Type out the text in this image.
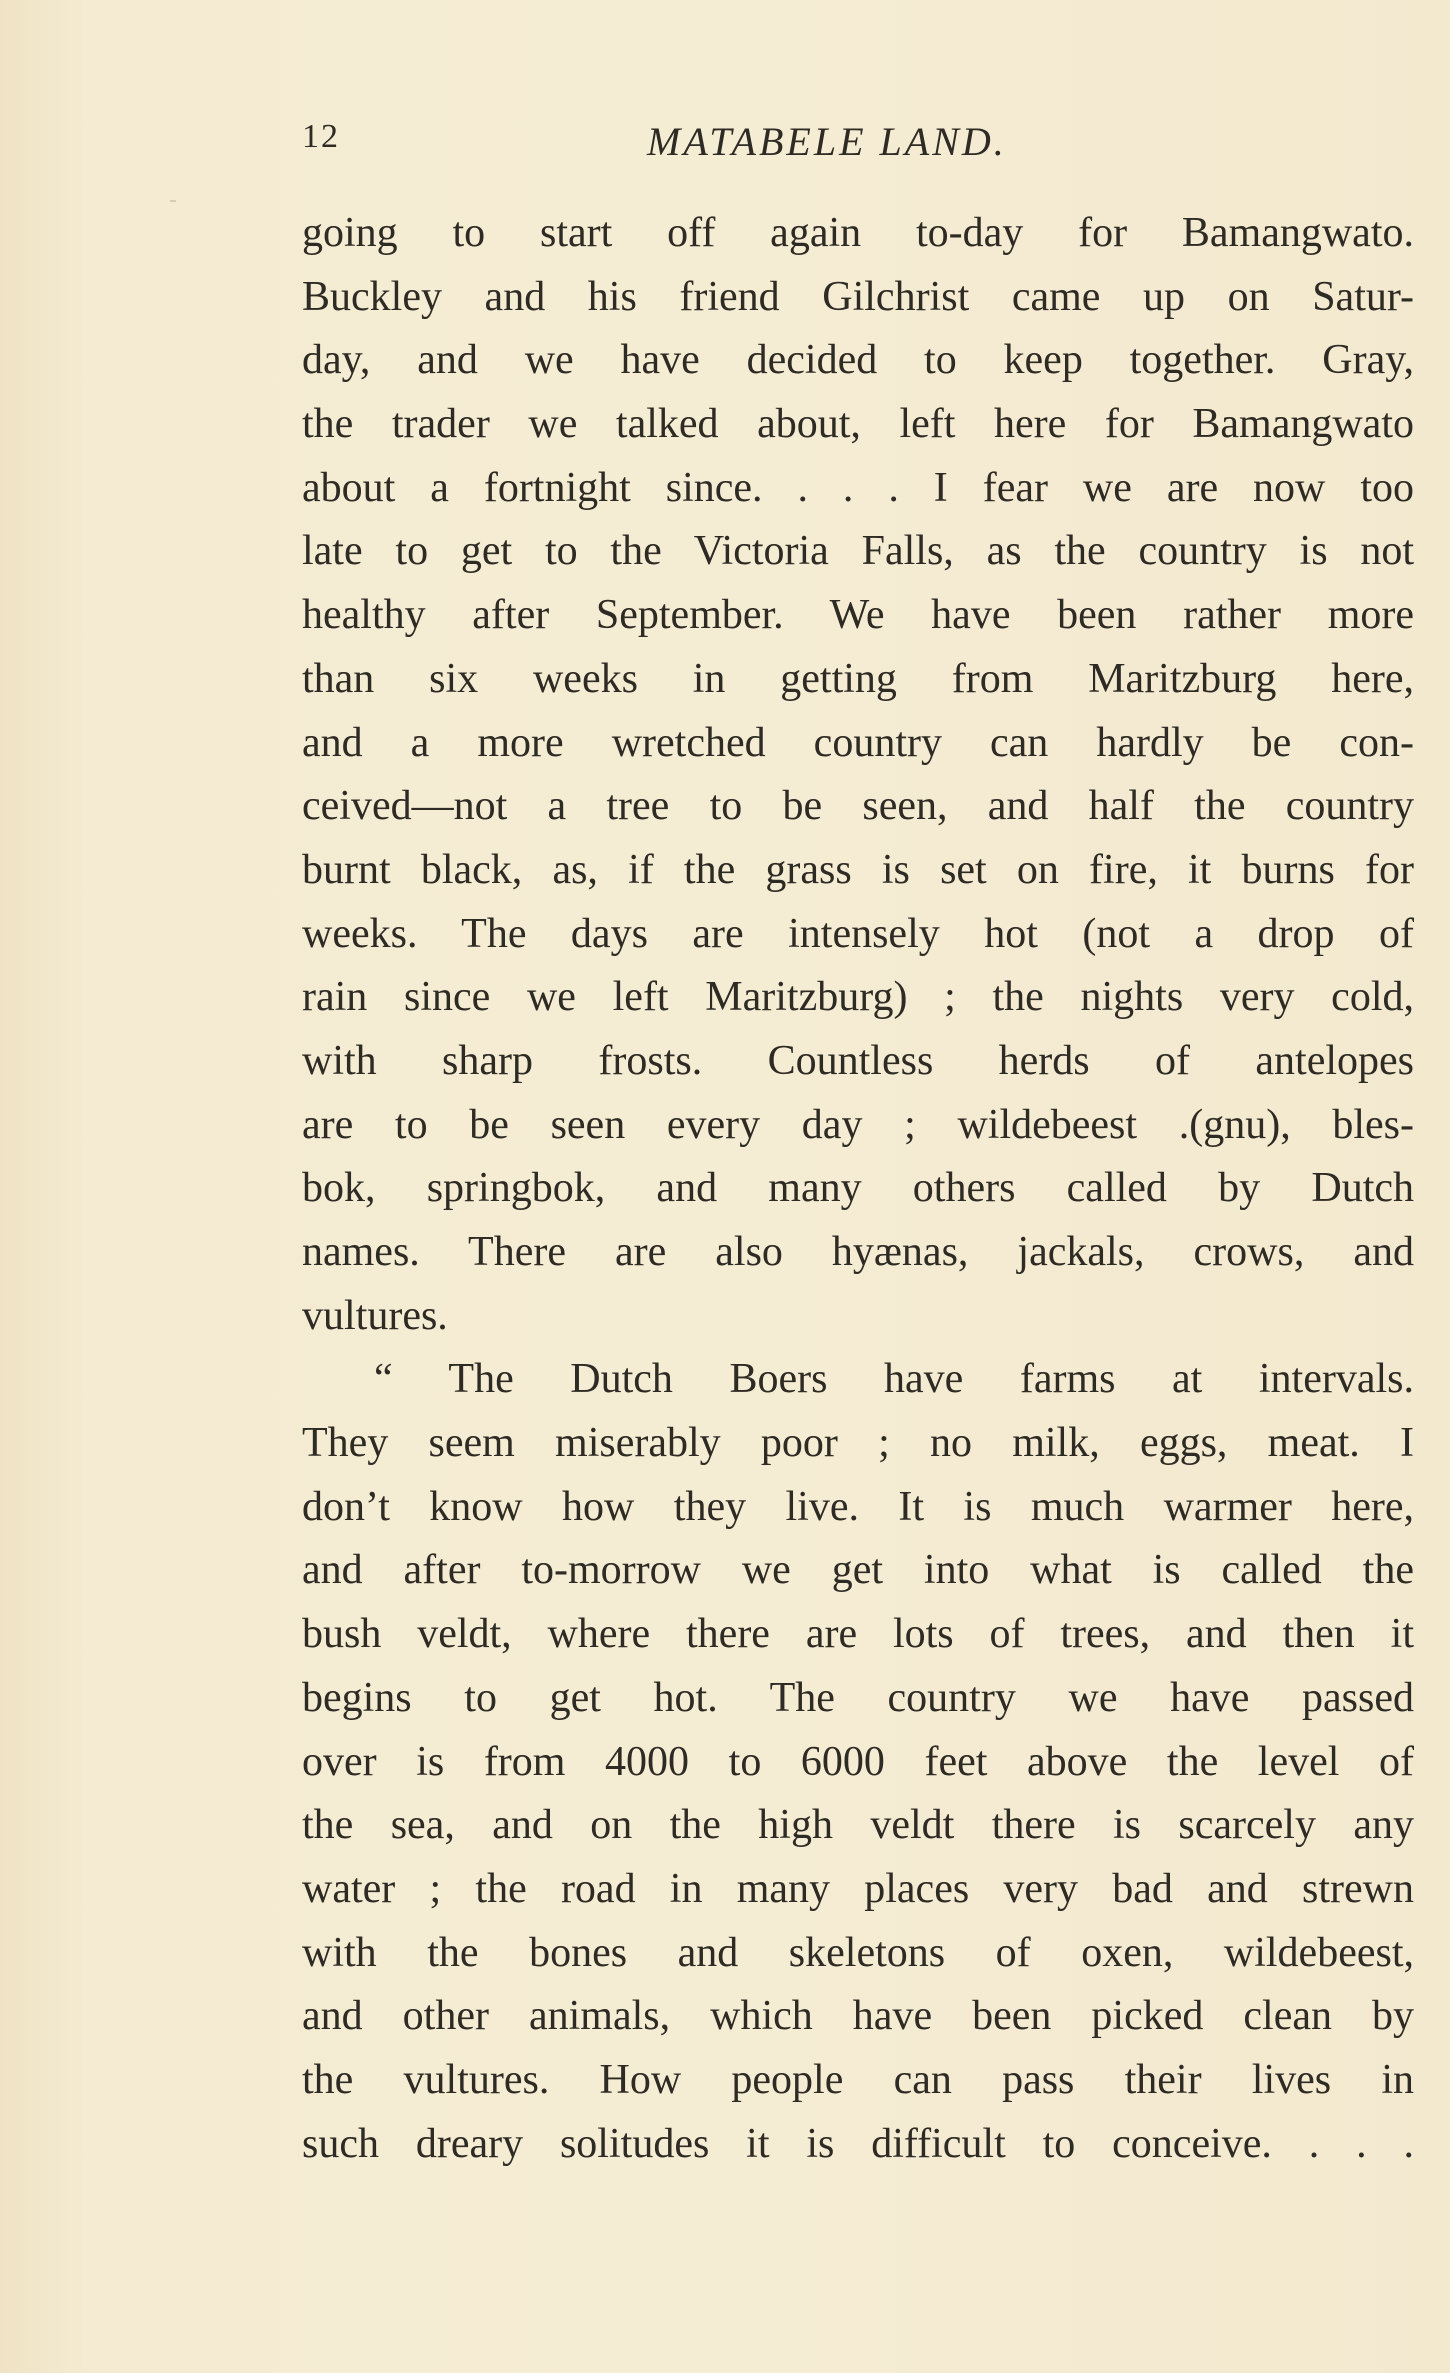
12	MATABELE LAND.
going to start off again to-day for Bamangwato.
Buckley and his friend Gilchrist came up on Satur-
day, and we have decided to keep together. Gray,
the trader we talked about, left here for Bamangwato
about a fortnight since. . . . I fear we are now too
late to get to the Victoria Falls, as the country is not
healthy after September. We have been rather more
than six weeks in getting from Maritzburg here,
and a more wretched country can hardly be con-
ceived—not a tree to be seen, and half the country
burnt black, as, if the grass is set on fire, it burns for
weeks. The days are intensely hot (not a drop of
rain since we left Maritzburg) ; the nights very cold,
with sharp frosts. Countless herds of antelopes
are to be seen every day ; wildebeest .(gnu), bles-
bok, springbok, and many others called by Dutch
names. There are also hyænas, jackals, crows, and
vultures.
“ The Dutch Boers have farms at intervals.
They seem miserably poor ; no milk, eggs, meat. I
don’t know how they live. It is much warmer here,
and after to-morrow we get into what is called the
bush veldt, where there are lots of trees, and then it
begins to get hot. The country we have passed
over is from 4000 to 6000 feet above the level of
the sea, and on the high veldt there is scarcely any
water ; the road in many places very bad and strewn
with the bones and skeletons of oxen, wildebeest,
and other animals, which have been picked clean by
the vultures. How people can pass their lives in
such dreary solitudes it is difficult to conceive. . . .
